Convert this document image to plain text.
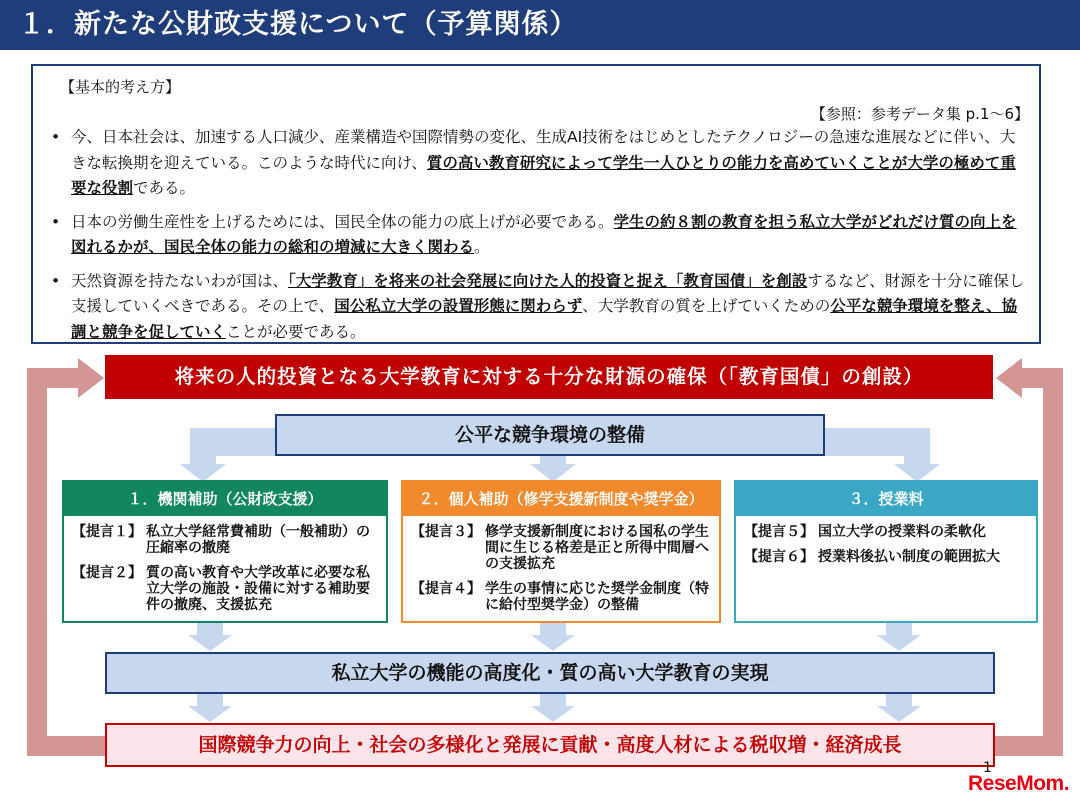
１．新たな公財政支援について（予算関係）
【基本的考え方】
【参照：参考データ集 p.1～6】
• 今、日本社会は、加速する人口減少、産業構造や国際情勢の変化、生成AI技術をはじめとしたテクノロジーの急速な進展などに伴い、大きな転換期を迎えている。このような時代に向け、質の高い教育研究によって学生一人ひとりの能力を高めていくことが大学の極めて重要な役割である。
• 日本の労働生産性を上げるためには、国民全体の能力の底上げが必要である。学生の約８割の教育を担う私立大学がどれだけ質の向上を図れるかが、国民全体の能力の総和の増減に大きく関わる。
• 天然資源を持たないわが国は、「大学教育」を将来の社会発展に向けた人的投資と捉え「教育国債」を創設するなど、財源を十分に確保し支援していくべきである。その上で、国公私立大学の設置形態に関わらず、大学教育の質を上げていくための公平な競争環境を整え、協調と競争を促していくことが必要である。
将来の人的投資となる大学教育に対する十分な財源の確保（「教育国債」の創設）
公平な競争環境の整備
１．機関補助（公財政支援）
【提言１】 私立大学経常費補助（一般補助）の圧縮率の撤廃
【提言２】 質の高い教育や大学改革に必要な私立大学の施設・設備に対する補助要件の撤廃、支援拡充
２．個人補助（修学支援新制度や奨学金）
【提言３】 修学支援新制度における国私の学生間に生じる格差是正と所得中間層への支援拡充
【提言４】 学生の事情に応じた奨学金制度（特に給付型奨学金）の整備
３．授業料
【提言５】 国立大学の授業料の柔軟化
【提言６】 授業料後払い制度の範囲拡大
私立大学の機能の高度化・質の高い大学教育の実現
国際競争力の向上・社会の多様化と発展に貢献・高度人材による税収増・経済成長
1
ReseMom.
